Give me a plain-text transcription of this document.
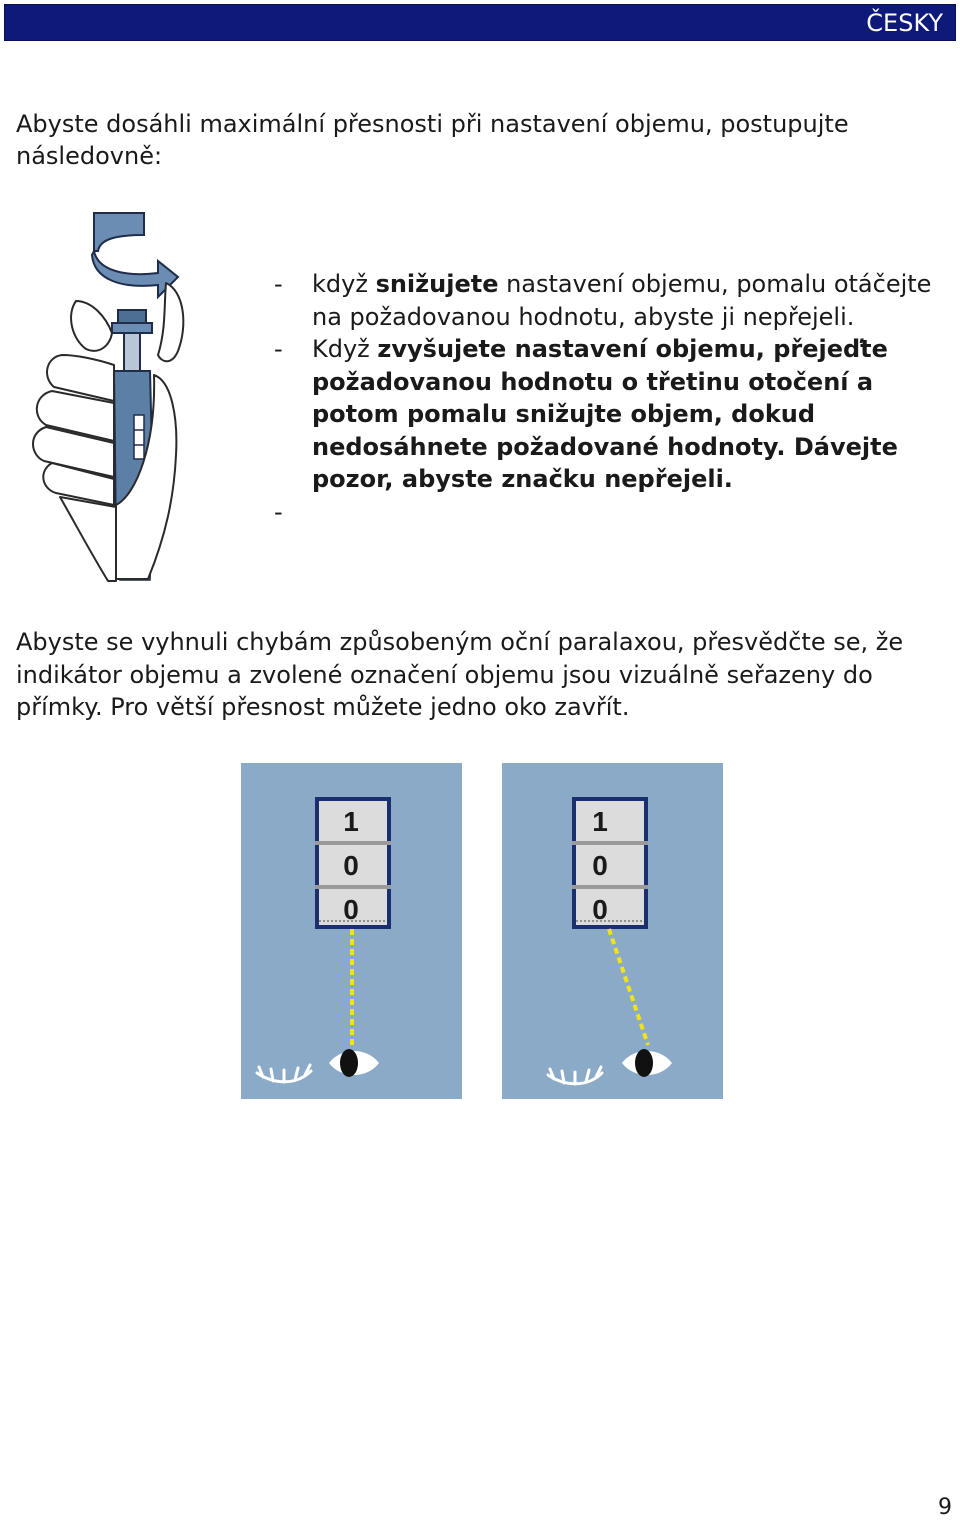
ČESKY

Abyste dosáhli maximální přesnosti při nastavení objemu, postupujte následovně:

- když snižujete nastavení objemu, pomalu otáčejte na požadovanou hodnotu, abyste ji nepřejeli.
- Když zvyšujete nastavení objemu, přejeďte požadovanou hodnotu o třetinu otočení a potom pomalu snižujte objem, dokud nedosáhnete požadované hodnoty. Dávejte pozor, abyste značku nepřejeli.
-

Abyste se vyhnuli chybám způsobeným oční paralaxou, přesvědčte se, že indikátor objemu a zvolené označení objemu jsou vizuálně seřazeny do přímky. Pro větší přesnost můžete jedno oko zavřít.

1
0
0
1
0
0
9
